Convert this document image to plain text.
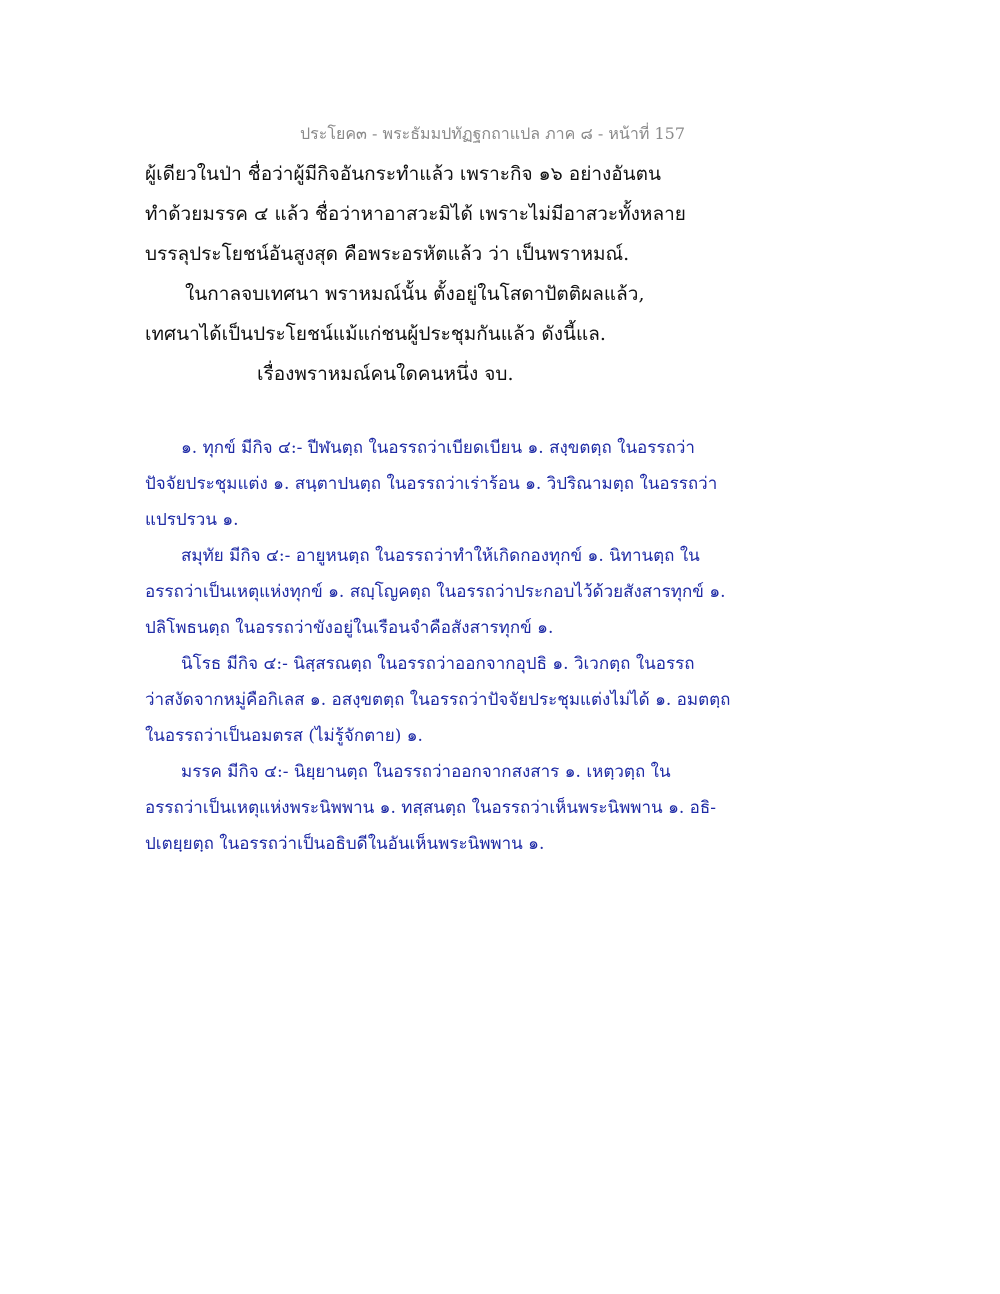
ประโยค๓ - พระธัมมปทัฏฐกถาแปล ภาค ๘ - หน้าที่ 157
ผู้เดียวในป่า ชื่อว่าผู้มีกิจอันกระทำแล้ว เพราะกิจ ๑๖ อย่างอันตน
ทำด้วยมรรค ๔ แล้ว ชื่อว่าหาอาสวะมิได้ เพราะไม่มีอาสวะทั้งหลาย
บรรลุประโยชน์อันสูงสุด คือพระอรหัตแล้ว ว่า เป็นพราหมณ์.
ในกาลจบเทศนา พราหมณ์นั้น ตั้งอยู่ในโสดาปัตติผลแล้ว,
เทศนาได้เป็นประโยชน์แม้แก่ชนผู้ประชุมกันแล้ว ดังนี้แล.
เรื่องพราหมณ์คนใดคนหนึ่ง จบ.
๑. ทุกข์ มีกิจ ๔:- ปีฬนตฺถ ในอรรถว่าเบียดเบียน ๑. สงฺขตตฺถ ในอรรถว่า
ปัจจัยประชุมแต่ง ๑. สนฺตาปนตฺถ ในอรรถว่าเร่าร้อน ๑. วิปริณามตฺถ ในอรรถว่า
แปรปรวน ๑.
สมุทัย มีกิจ ๔:- อายูหนตฺถ ในอรรถว่าทำให้เกิดกองทุกข์ ๑. นิทานตฺถ ใน
อรรถว่าเป็นเหตุแห่งทุกข์ ๑. สญฺโญคตฺถ ในอรรถว่าประกอบไว้ด้วยสังสารทุกข์ ๑.
ปลิโพธนตฺถ ในอรรถว่าขังอยู่ในเรือนจำคือสังสารทุกข์ ๑.
นิโรธ มีกิจ ๔:- นิสฺสรณตฺถ ในอรรถว่าออกจากอุปธิ ๑. วิเวกตฺถ ในอรรถ
ว่าสงัดจากหมู่คือกิเลส ๑. อสงฺขตตฺถ ในอรรถว่าปัจจัยประชุมแต่งไม่ได้ ๑. อมตตฺถ
ในอรรถว่าเป็นอมตรส (ไม่รู้จักตาย) ๑.
มรรค มีกิจ ๔:- นิยฺยานตฺถ ในอรรถว่าออกจากสงสาร ๑. เหตฺวตฺถ ใน
อรรถว่าเป็นเหตุแห่งพระนิพพาน ๑. ทสฺสนตฺถ ในอรรถว่าเห็นพระนิพพาน ๑. อธิ-
ปเตยฺยตฺถ ในอรรถว่าเป็นอธิบดีในอันเห็นพระนิพพาน ๑.
